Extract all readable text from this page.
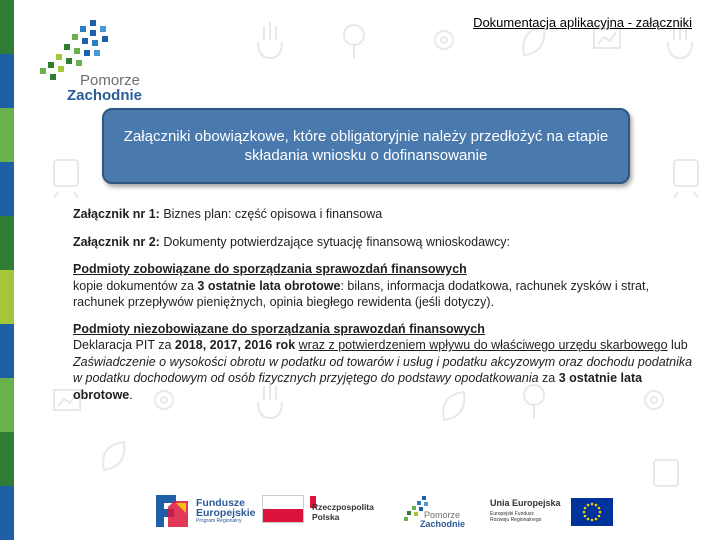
Dokumentacja aplikacyjna - załączniki
Pomorze
Zachodnie
Załączniki obowiązkowe, które obligatoryjnie należy przedłożyć na etapie składania wniosku o dofinansowanie

Załącznik nr 1: Biznes plan: część opisowa i finansowa

Załącznik nr 2: Dokumenty potwierdzające sytuację finansową wnioskodawcy:

Podmioty zobowiązane do sporządzania sprawozdań finansowych

kopie dokumentów za 3 ostatnie lata obrotowe: bilans, informacja dodatkowa, rachunek zysków i strat, rachunek przepływów pieniężnych, opinia biegłego rewidenta (jeśli dotyczy).

Podmioty niezobowiązane do sporządzania sprawozdań finansowych

Deklaracja PIT za 2018, 2017, 2016 rok wraz z potwierdzeniem wpływu do właściwego urzędu skarbowego lub Zaświadczenie o wysokości obrotu w podatku od towarów i usług i podatku akcyzowym oraz dochodu podatnika w podatku dochodowym od osób fizycznych przyjętego do podstawy opodatkowania za 3 ostatnie lata obrotowe.

Fundusze
Europejskie
Program Regionalny
Rzeczpospolita
Polska	Pomorze
Zachodnie
Unia Europejska
Europejski Fundusz
Rozwoju Regionalnego
